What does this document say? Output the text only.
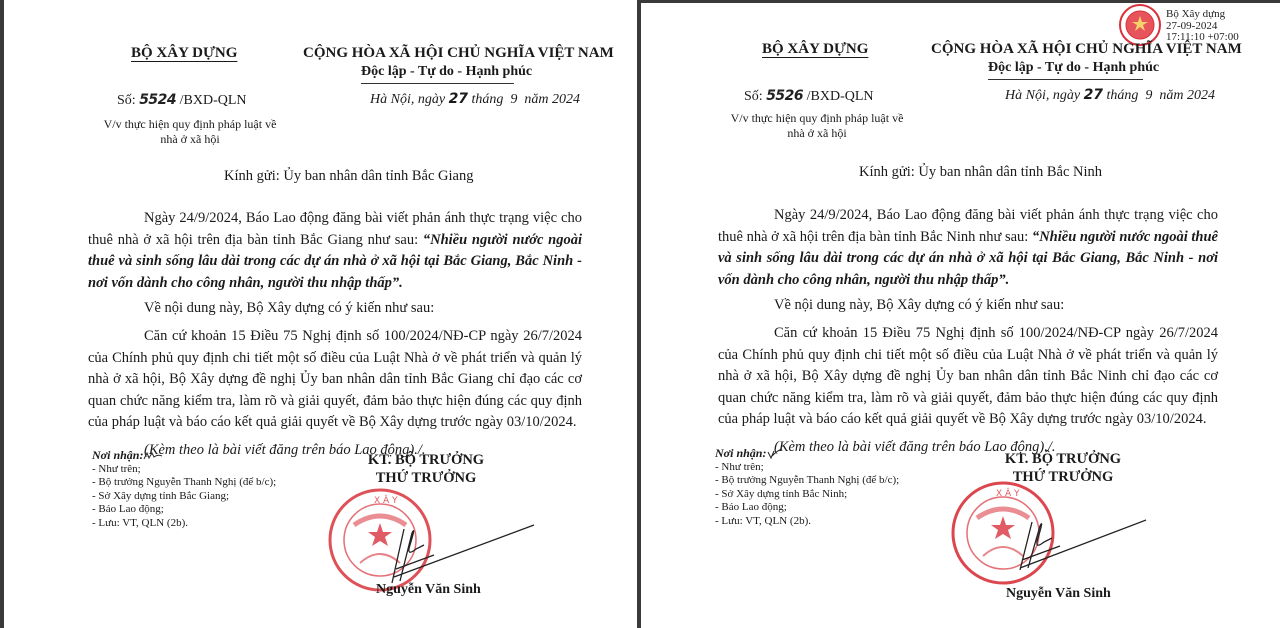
BỘ XÂY DỰNG	CỘNG HÒA XÃ HỘI CHỦ NGHĨA VIỆT NAM
Độc lập - Tự do - Hạnh phúc
Số: 5524 /BXD-QLN	Hà Nội, ngày 27 tháng  9  năm 2024
V/v thực hiện quy định pháp luật về
nhà ở xã hội
Kính gửi: Ủy ban nhân dân tỉnh Bắc Giang

Ngày 24/9/2024, Báo Lao động đăng bài viết phản ánh thực trạng việc cho thuê nhà ở xã hội trên địa bàn tỉnh Bắc Giang như sau: “Nhiều người nước ngoài thuê và sinh sống lâu dài trong các dự án nhà ở xã hội tại Bắc Giang, Bắc Ninh - nơi vốn dành cho công nhân, người thu nhập thấp”.

Về nội dung này, Bộ Xây dựng có ý kiến như sau:

Căn cứ khoản 15 Điều 75 Nghị định số 100/2024/NĐ-CP ngày 26/7/2024 của Chính phủ quy định chi tiết một số điều của Luật Nhà ở về phát triển và quản lý nhà ở xã hội, Bộ Xây dựng đề nghị Ủy ban nhân dân tỉnh Bắc Giang chỉ đạo các cơ quan chức năng kiểm tra, làm rõ và giải quyết, đảm bảo thực hiện đúng các quy định của pháp luật và báo cáo kết quả giải quyết về Bộ Xây dựng trước ngày 03/10/2024.

(Kèm theo là bài viết đăng trên báo Lao động)./.

Nơi nhận:
- Như trên;
- Bộ trưởng Nguyễn Thanh Nghị (để b/c);
- Sở Xây dựng tỉnh Bắc Giang;
- Báo Lao động;
- Lưu: VT, QLN (2b).
KT. BỘ TRƯỞNG
THỨ TRƯỞNG
X Â Y
Nguyễn Văn Sinh
Bộ Xây dựng
27-09-2024
17:11:10 +07:00
BỘ XÂY DỰNG	CỘNG HÒA XÃ HỘI CHỦ NGHĨA VIỆT NAM
Độc lập - Tự do - Hạnh phúc
Số: 5526 /BXD-QLN	Hà Nội, ngày 27 tháng  9  năm 2024
V/v thực hiện quy định pháp luật về
nhà ở xã hội
Kính gửi: Ủy ban nhân dân tỉnh Bắc Ninh

Ngày 24/9/2024, Báo Lao động đăng bài viết phản ánh thực trạng việc cho thuê nhà ở xã hội trên địa bàn tỉnh Bắc Ninh như sau: “Nhiều người nước ngoài thuê và sinh sống lâu dài trong các dự án nhà ở xã hội tại Bắc Giang, Bắc Ninh - nơi vốn dành cho công nhân, người thu nhập thấp”.

Về nội dung này, Bộ Xây dựng có ý kiến như sau:

Căn cứ khoản 15 Điều 75 Nghị định số 100/2024/NĐ-CP ngày 26/7/2024 của Chính phủ quy định chi tiết một số điều của Luật Nhà ở về phát triển và quản lý nhà ở xã hội, Bộ Xây dựng đề nghị Ủy ban nhân dân tỉnh Bắc Ninh chỉ đạo các cơ quan chức năng kiểm tra, làm rõ và giải quyết, đảm bảo thực hiện đúng các quy định của pháp luật và báo cáo kết quả giải quyết về Bộ Xây dựng trước ngày 03/10/2024.

(Kèm theo là bài viết đăng trên báo Lao động)./.

Nơi nhận:
- Như trên;
- Bộ trưởng Nguyễn Thanh Nghị (để b/c);
- Sở Xây dựng tỉnh Bắc Ninh;
- Báo Lao động;
- Lưu: VT, QLN (2b).
KT. BỘ TRƯỞNG
THỨ TRƯỞNG
X Â Y
Nguyễn Văn Sinh
